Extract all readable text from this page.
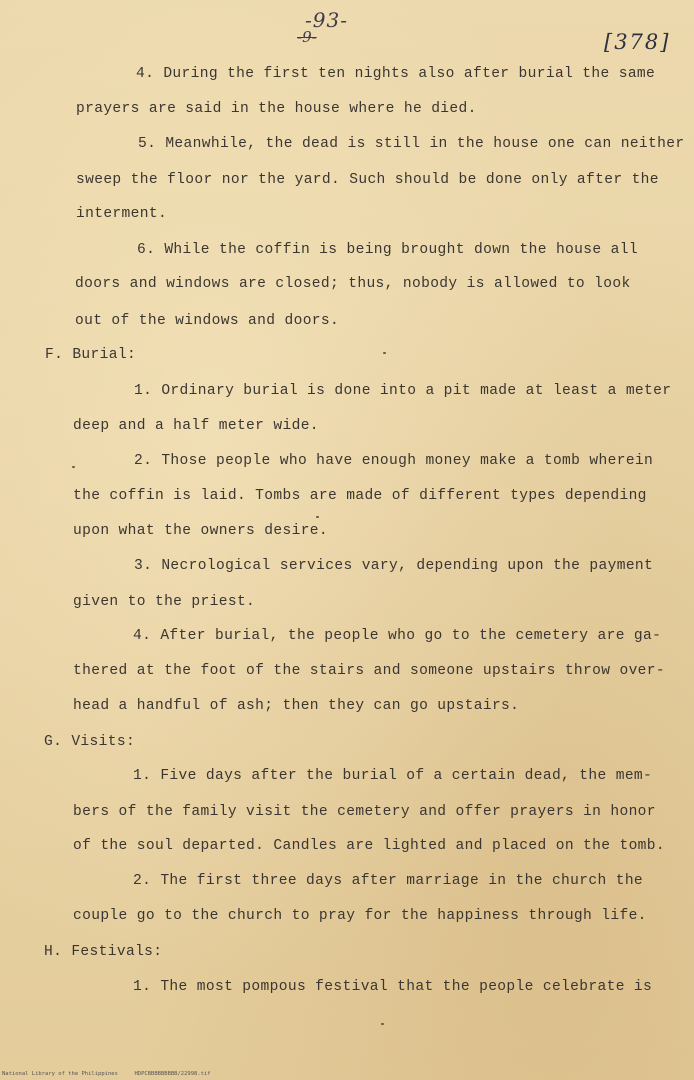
-93-
-9-	[378]
4. During the first ten nights also after burial the same
prayers are said in the house where he died.
5. Meanwhile, the dead is still in the house one can neither
sweep the floor nor the yard. Such should be done only after the
interment.
6. While the coffin is being brought down the house all
doors and windows are closed; thus, nobody is allowed to look
out of the windows and doors.
F. Burial:
1. Ordinary burial is done into a pit made at least a meter
deep and a half meter wide.
2. Those people who have enough money make a tomb wherein
the coffin is laid. Tombs are made of different types depending
upon what the owners desire.
3. Necrological services vary, depending upon the payment
given to the priest.
4. After burial, the people who go to the cemetery are ga-
thered at the foot of the stairs and someone upstairs throw over-
head a handful of ash; then they can go upstairs.
G. Visits:
1. Five days after the burial of a certain dead, the mem-
bers of the family visit the cemetery and offer prayers in honor
of the soul departed. Candles are lighted and placed on the tomb.
2. The first three days after marriage in the church the
couple go to the church to pray for the happiness through life.
H. Festivals:
1. The most pompous festival that the people celebrate is
National Library of the Philippines     HDPCBBBBBBBBB/22998.tif
